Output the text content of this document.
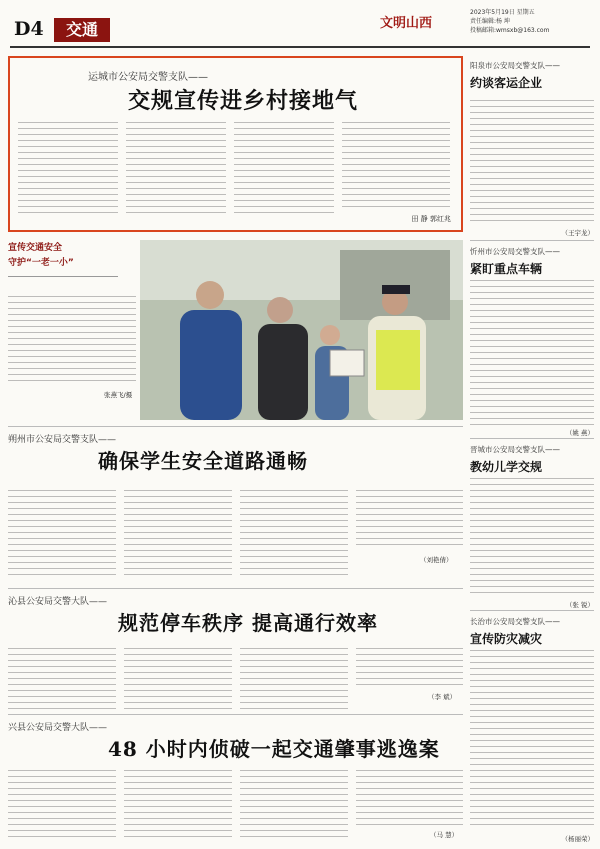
D4	交通	文明山西
2023年5月19日 星期五
责任编辑:杨 坤
投稿邮箱:wmsxb@163.com
运城市公安局交警支队——
交规宣传进乡村接地气
田 静 郭红兆
阳泉市公安局交警支队——
约谈客运企业
（王宇龙）
忻州市公安局交警支队——
紧盯重点车辆
（姚 燕）
晋城市公安局交警支队——
教幼儿学交规
（张 锐）
长治市公安局交警支队——
宣传防灾减灾
（杨丽荣）
宣传交通安全
守护“一老一小”
张燕飞/摄
朔州市公安局交警支队——
确保学生安全道路通畅
（刘艳倩）
沁县公安局交警大队——
规范停车秩序 提高通行效率
（李 斌）
兴县公安局交警大队——
48 小时内侦破一起交通肇事逃逸案
（马 慧）
